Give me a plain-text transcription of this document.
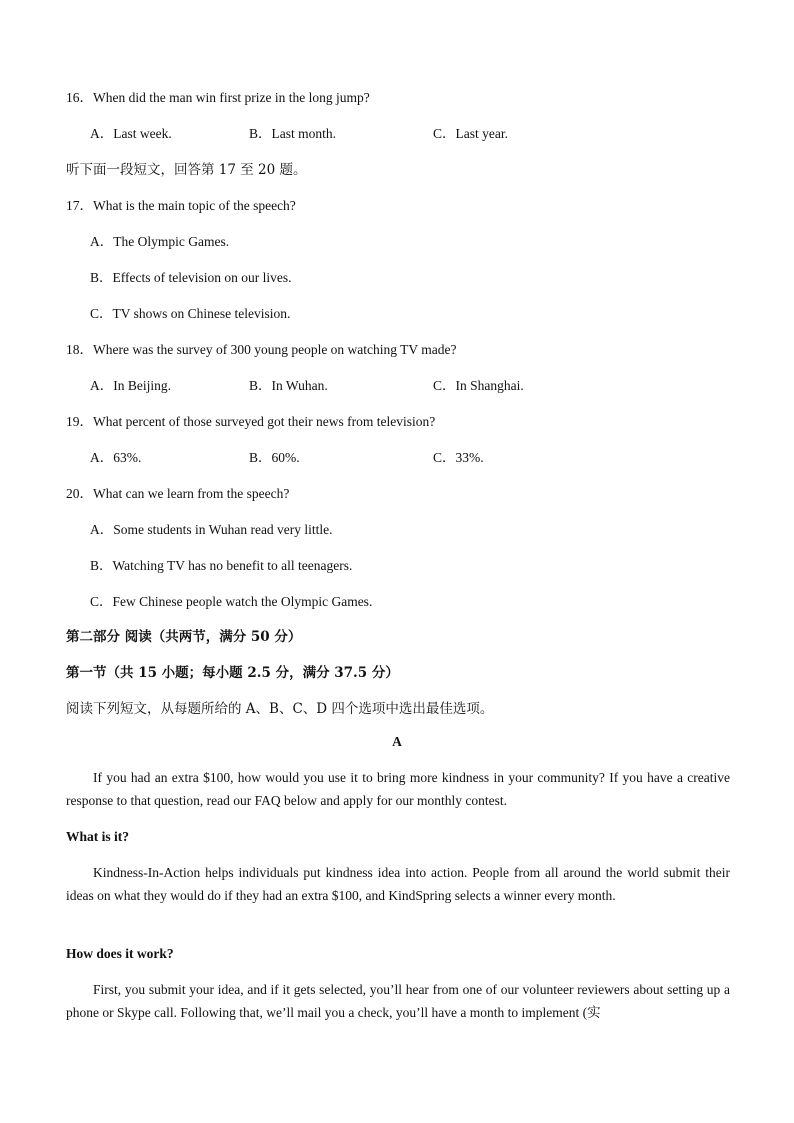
16．When did the man win first prize in the long jump?
A．Last week.	B．Last month.	C．Last year.
听下面一段短文，回答第 17 至 20 题。
17．What is the main topic of the speech?
A．The Olympic Games.
B．Effects of television on our lives.
C．TV shows on Chinese television.
18．Where was the survey of 300 young people on watching TV made?
A．In Beijing.	B．In Wuhan.	C．In Shanghai.
19．What percent of those surveyed got their news from television?
A．63%.	B．60%.	C．33%.
20．What can we learn from the speech?
A．Some students in Wuhan read very little.
B．Watching TV has no benefit to all teenagers.
C．Few Chinese people watch the Olympic Games.
第二部分 阅读（共两节，满分 50 分）
第一节（共 15 小题；每小题 2.5 分，满分 37.5 分）
阅读下列短文，从每题所给的 A、B、C、D 四个选项中选出最佳选项。
A

If you had an extra $100, how would you use it to bring more kindness in your community? If you have a creative response to that question, read our FAQ below and apply for our monthly contest.

What is it?

Kindness-In-Action helps individuals put kindness idea into action. People from all around the world submit their ideas on what they would do if they had an extra $100, and KindSpring selects a winner every month.

How does it work?

First, you submit your idea, and if it gets selected, you’ll hear from one of our volunteer reviewers about setting up a phone or Skype call. Following that, we’ll mail you a check, you’ll have a month to implement (实
